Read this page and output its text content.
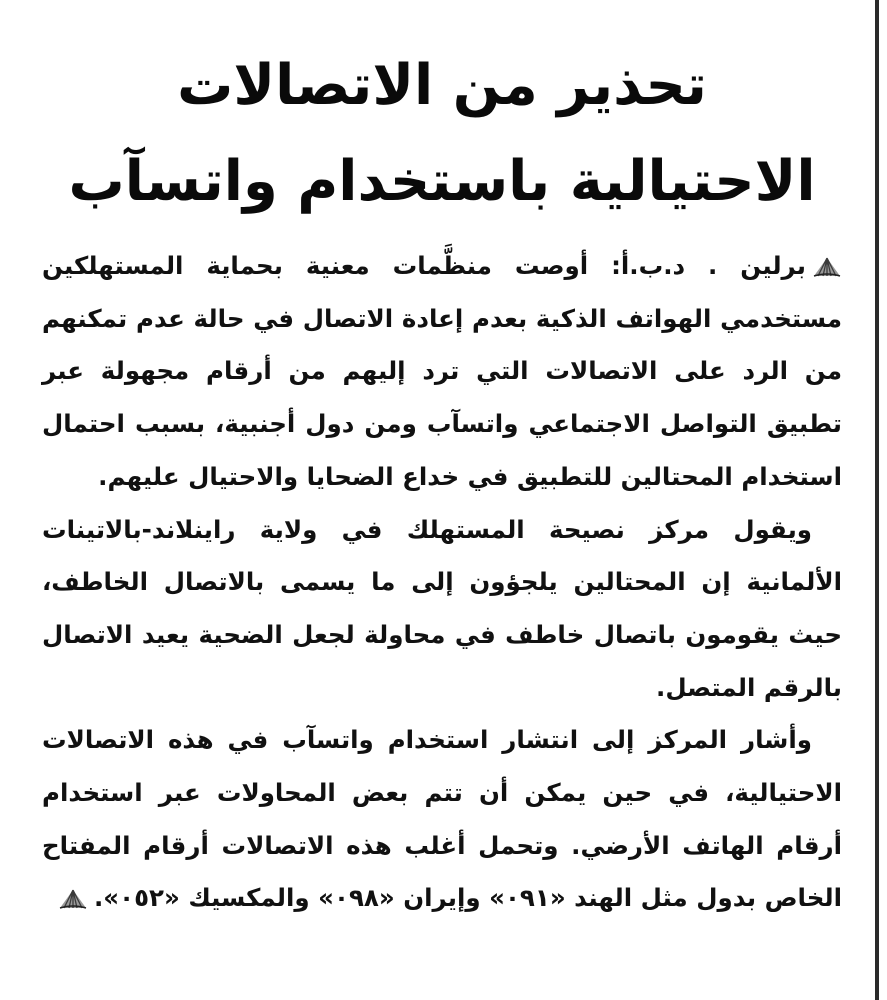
تحذير من الاتصالات
الاحتيالية باستخدام واتسآب

برلين . د.ب.أ: أوصت منظَّمات معنية بحماية المستهلكين مستخدمي الهواتف الذكية بعدم إعادة الاتصال في حالة عدم تمكنهم من الرد على الاتصالات التي ترد إليهم من أرقام مجهولة عبر تطبيق التواصل الاجتماعي واتسآب ومن دول أجنبية، بسبب احتمال استخدام المحتالين للتطبيق في خداع الضحايا والاحتيال عليهم.

ويقول مركز نصيحة المستهلك في ولاية راينلاند-بالاتينات الألمانية إن المحتالين يلجؤون إلى ما يسمى بالاتصال الخاطف، حيث يقومون باتصال خاطف في محاولة لجعل الضحية يعيد الاتصال بالرقم المتصل.

وأشار المركز إلى انتشار استخدام واتسآب في هذه الاتصالات الاحتيالية، في حين يمكن أن تتم بعض المحاولات عبر استخدام أرقام الهاتف الأرضي. وتحمل أغلب هذه الاتصالات أرقام المفتاح الخاص بدول مثل الهند «٠٩١» وإيران «٠٩٨» والمكسيك «٠٥٢».
